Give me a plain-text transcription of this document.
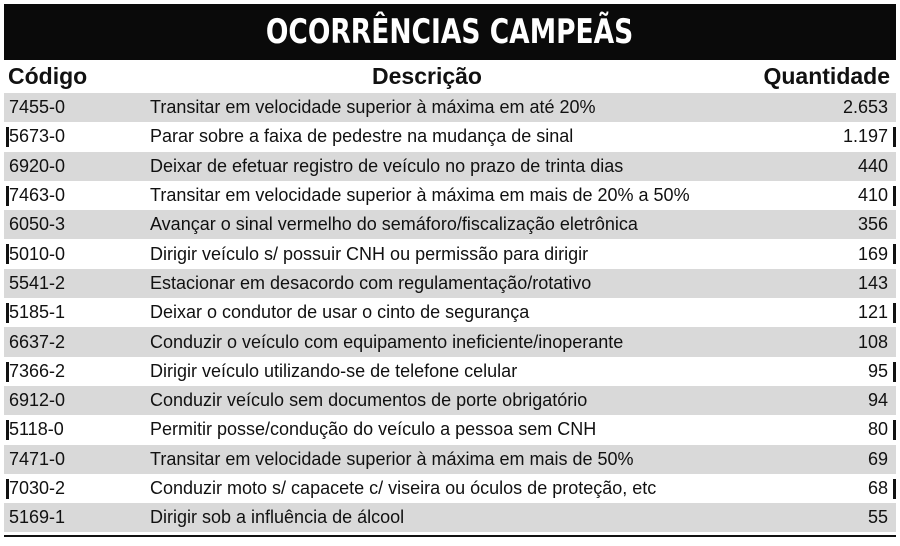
OCORRÊNCIAS CAMPEÃS
Código	Descrição	Quantidade
7455-0	Transitar em velocidade superior à máxima em até 20%	2.653
5673-0	Parar sobre a faixa de pedestre na mudança de sinal	1.197
6920-0	Deixar de efetuar registro de veículo no prazo de trinta dias	440
7463-0	Transitar em velocidade superior à máxima em mais de 20% a 50%	410
6050-3	Avançar o sinal vermelho do semáforo/fiscalização eletrônica	356
5010-0	Dirigir veículo s/ possuir CNH ou permissão para dirigir	169
5541-2	Estacionar em desacordo com regulamentação/rotativo	143
5185-1	Deixar o condutor de usar o cinto de segurança	121
6637-2	Conduzir o veículo com equipamento ineficiente/inoperante	108
7366-2	Dirigir veículo utilizando-se de telefone celular	95
6912-0	Conduzir veículo sem documentos de porte obrigatório	94
5118-0	Permitir posse/condução do veículo a pessoa sem CNH	80
7471-0	Transitar em velocidade superior à máxima em mais de 50%	69
7030-2	Conduzir moto s/ capacete c/ viseira ou óculos de proteção, etc	68
5169-1	Dirigir sob a influência de álcool	55
